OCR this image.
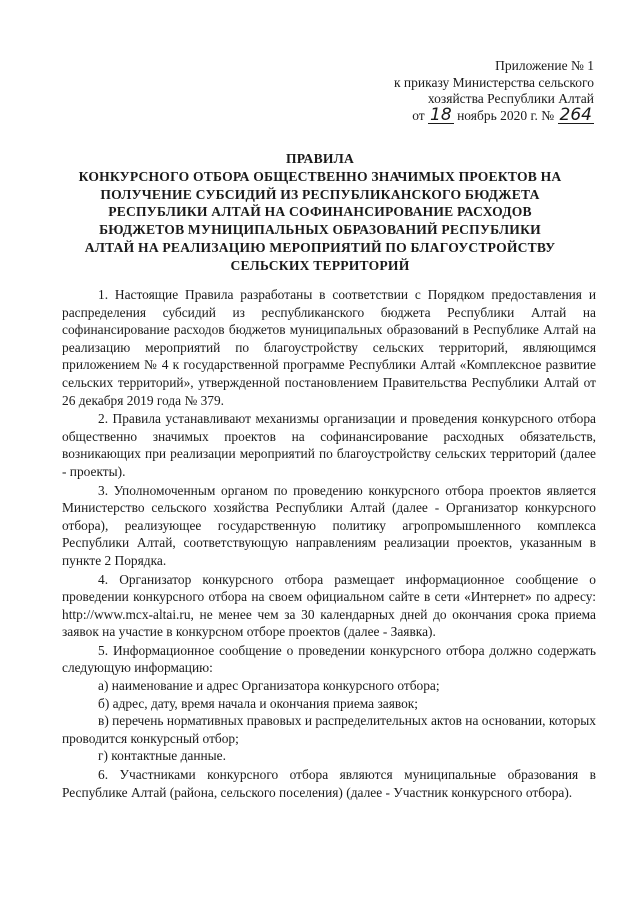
Приложение № 1
к приказу Министерства сельского
хозяйства Республики Алтай
от 18 ноябрь 2020 г. № 264
ПРАВИЛА
КОНКУРСНОГО ОТБОРА ОБЩЕСТВЕННО ЗНАЧИМЫХ ПРОЕКТОВ НА
ПОЛУЧЕНИЕ СУБСИДИЙ ИЗ РЕСПУБЛИКАНСКОГО БЮДЖЕТА
РЕСПУБЛИКИ АЛТАЙ НА СОФИНАНСИРОВАНИЕ РАСХОДОВ
БЮДЖЕТОВ МУНИЦИПАЛЬНЫХ ОБРАЗОВАНИЙ РЕСПУБЛИКИ
АЛТАЙ НА РЕАЛИЗАЦИЮ МЕРОПРИЯТИЙ ПО БЛАГОУСТРОЙСТВУ
СЕЛЬСКИХ ТЕРРИТОРИЙ

1. Настоящие Правила разработаны в соответствии с Порядком предоставления и распределения субсидий из республиканского бюджета Республики Алтай на софинансирование расходов бюджетов муниципальных образований в Республике Алтай на реализацию мероприятий по благоустройству сельских территорий, являющимся приложением № 4 к государственной программе Республики Алтай «Комплексное развитие сельских территорий», утвержденной постановлением Правительства Республики Алтай от 26 декабря 2019 года № 379.

2. Правила устанавливают механизмы организации и проведения конкурсного отбора общественно значимых проектов на софинансирование расходных обязательств, возникающих при реализации мероприятий по благоустройству сельских территорий (далее - проекты).

3. Уполномоченным органом по проведению конкурсного отбора проектов является Министерство сельского хозяйства Республики Алтай (далее - Организатор конкурсного отбора), реализующее государственную политику агропромышленного комплекса Республики Алтай, соответствующую направлениям реализации проектов, указанным в пункте 2 Порядка.

4. Организатор конкурсного отбора размещает информационное сообщение о проведении конкурсного отбора на своем официальном сайте в сети «Интернет» по адресу: http://www.mcx-altai.ru, не менее чем за 30 календарных дней до окончания срока приема заявок на участие в конкурсном отборе проектов (далее - Заявка).

5. Информационное сообщение о проведении конкурсного отбора должно содержать следующую информацию:

а) наименование и адрес Организатора конкурсного отбора;

б) адрес, дату, время начала и окончания приема заявок;

в) перечень нормативных правовых и распределительных актов на основании, которых проводится конкурсный отбор;

г) контактные данные.

6. Участниками конкурсного отбора являются муниципальные образования в Республике Алтай (района, сельского поселения) (далее - Участник конкурсного отбора).
